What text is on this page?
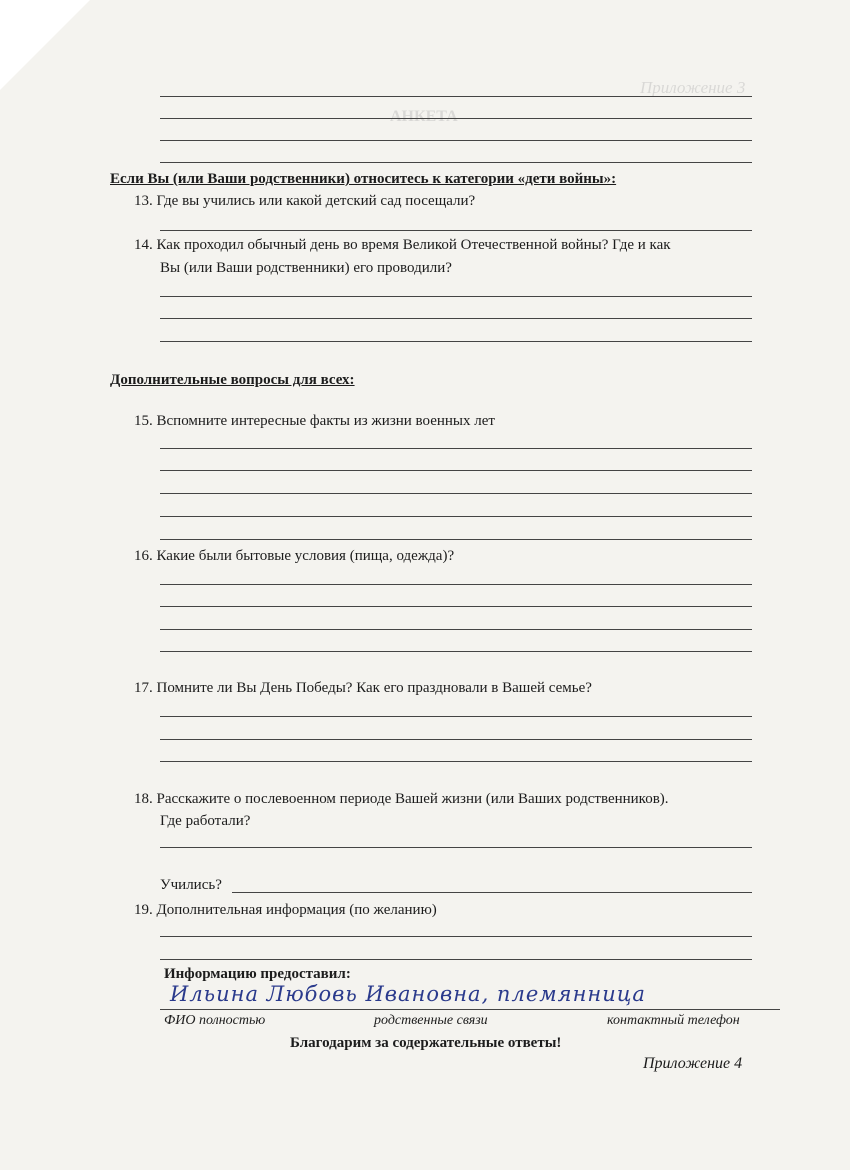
Приложение 3
АНКЕТА
Если Вы (или Ваши родственники) относитесь к категории «дети войны»:
13. Где вы учились или какой детский сад посещали?
14. Как проходил обычный день во время Великой Отечественной войны? Где и как
Вы (или Ваши родственники) его проводили?
Дополнительные вопросы для всех:
15. Вспомните интересные факты из жизни военных лет
16. Какие были бытовые условия (пища, одежда)?
17. Помните ли Вы День Победы? Как его праздновали в Вашей семье?
18. Расскажите о послевоенном периоде Вашей жизни (или Ваших родственников).
Где работали?
Учились?
19. Дополнительная информация (по желанию)
Информацию предоставил:
Ильина Любовь Ивановна, племянница
ФИО полностью	родственные связи	контактный телефон
Благодарим за содержательные ответы!
Приложение 4
